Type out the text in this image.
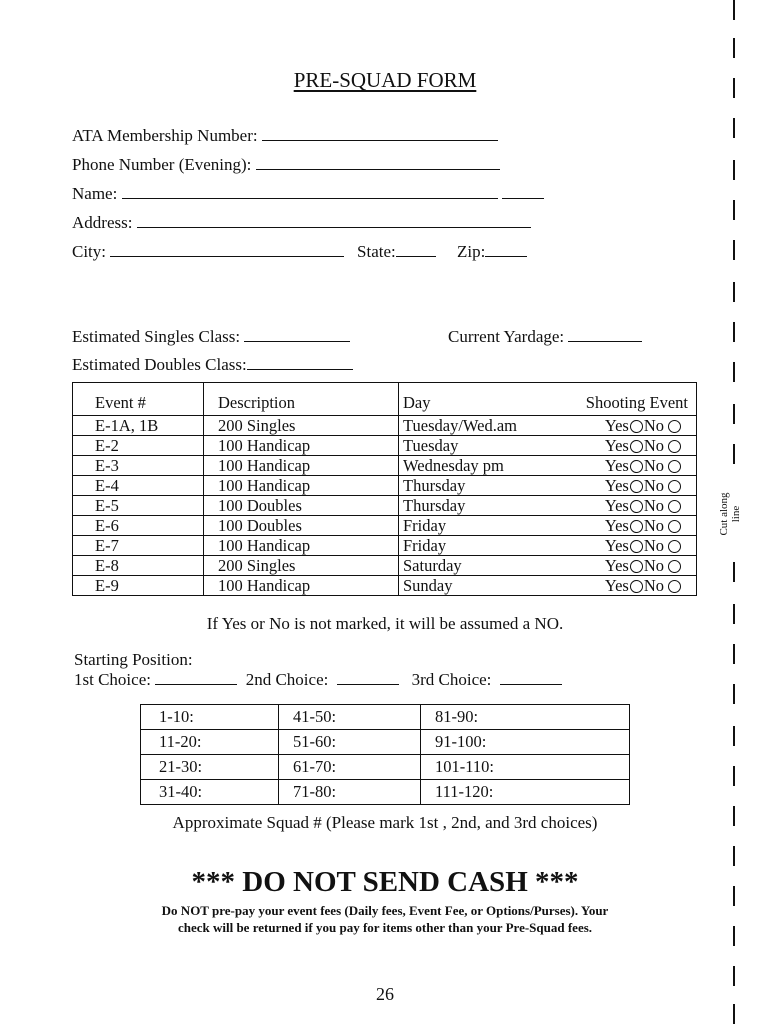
Cut along line
PRE-SQUAD FORM
ATA Membership Number:
Phone Number (Evening):
Name:
Address:
City:	State:	Zip:
Estimated Singles Class:	Current Yardage:
Estimated Doubles Class:
Event #	Description	Day	Shooting Event
E-1A, 1B	200 Singles	Tuesday/Wed.am	Yes No
E-2	100 Handicap	Tuesday	Yes No
E-3	100 Handicap	Wednesday pm	Yes No
E-4	100 Handicap	Thursday	Yes No
E-5	100 Doubles	Thursday	Yes No
E-6	100 Doubles	Friday	Yes No
E-7	100 Handicap	Friday	Yes No
E-8	200 Singles	Saturday	Yes No
E-9	100 Handicap	Sunday	Yes No
If Yes or No is not marked, it will be assumed a NO.
Starting Position:
1st Choice:	2nd Choice:	3rd Choice:
1-10:	41-50:	81-90:
11-20:	51-60:	91-100:
21-30:	61-70:	101-110:
31-40:	71-80:	111-120:
Approximate Squad # (Please mark 1st , 2nd, and 3rd choices)
*** DO NOT SEND CASH ***
Do NOT pre-pay your event fees (Daily fees, Event Fee, or Options/Purses). Your
check will be returned if you pay for items other than your Pre-Squad fees.
26
